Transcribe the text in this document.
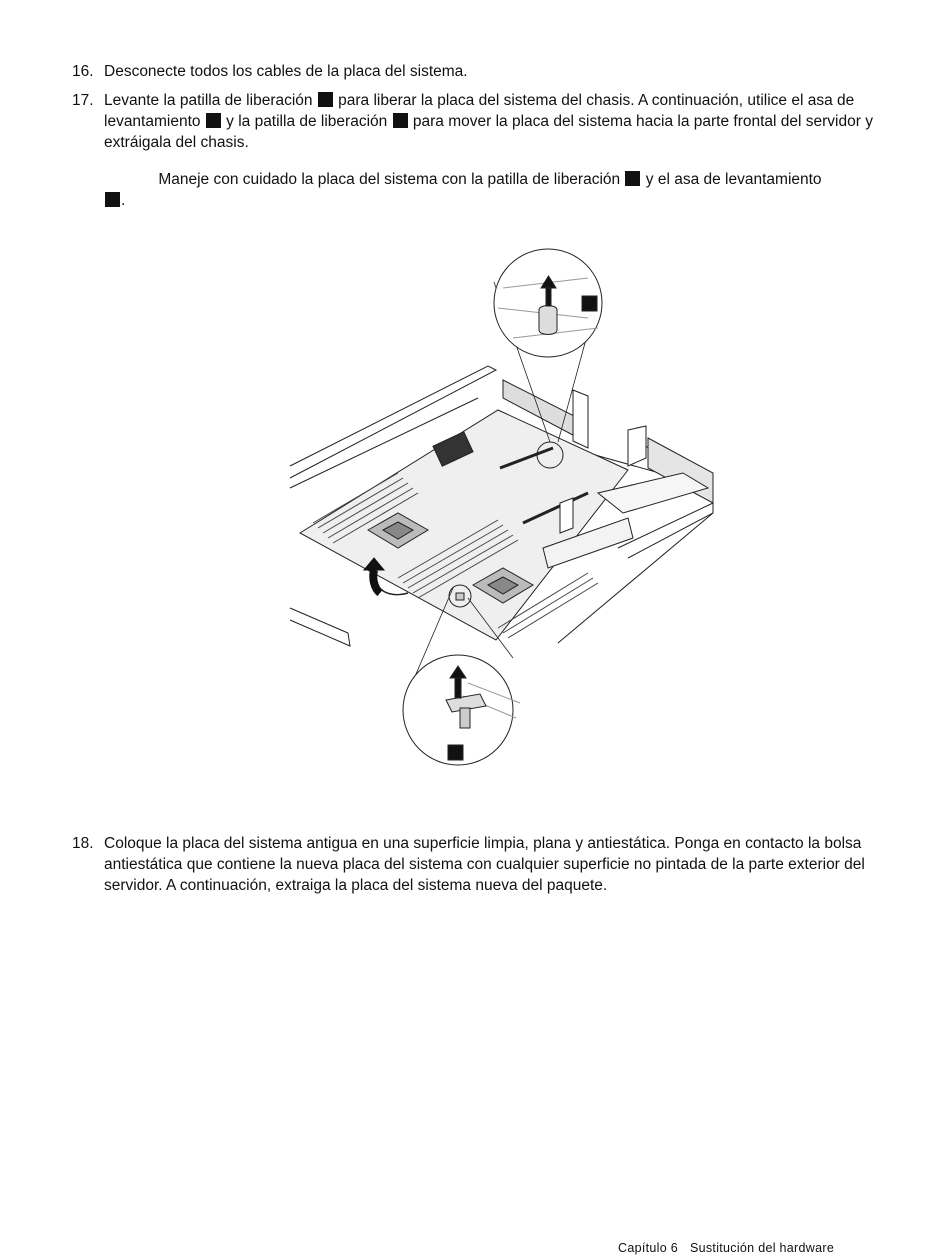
16. Desconecte todos los cables de la placa del sistema.
17. Levante la patilla de liberación para liberar la placa del sistema del chasis. A continuación, utilice el asa de levantamiento y la patilla de liberación para mover la placa del sistema hacia la parte frontal del servidor y extráigala del chasis.
Maneje con cuidado la placa del sistema con la patilla de liberación y el asa de levantamiento
.
18. Coloque la placa del sistema antigua en una superficie limpia, plana y antiestática. Ponga en contacto la bolsa antiestática que contiene la nueva placa del sistema con cualquier superficie no pintada de la parte exterior del servidor. A continuación, extraiga la placa del sistema nueva del paquete.
Capítulo 6 Sustitución del hardware
